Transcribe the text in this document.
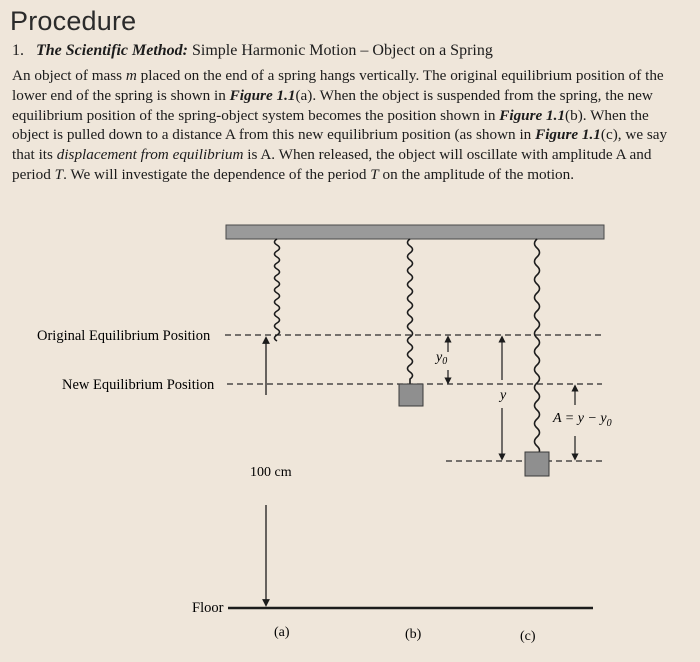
Procedure
1. The Scientific Method: Simple Harmonic Motion – Object on a Spring
An object of mass m placed on the end of a spring hangs vertically. The original equilibrium position of the lower end of the spring is shown in Figure 1.1(a). When the object is suspended from the spring, the new equilibrium position of the spring-object system becomes the position shown in Figure 1.1(b). When the object is pulled down to a distance A from this new equilibrium position (as shown in Figure 1.1(c), we say that its displacement from equilibrium is A. When released, the object will oscillate with amplitude A and period T. We will investigate the dependence of the period T on the amplitude of the motion.
100 cm
$y_0$
y
$A = y - y_0$
Original Equilibrium Position
New Equilibrium Position
Floor
(a)	(b)	(c)
